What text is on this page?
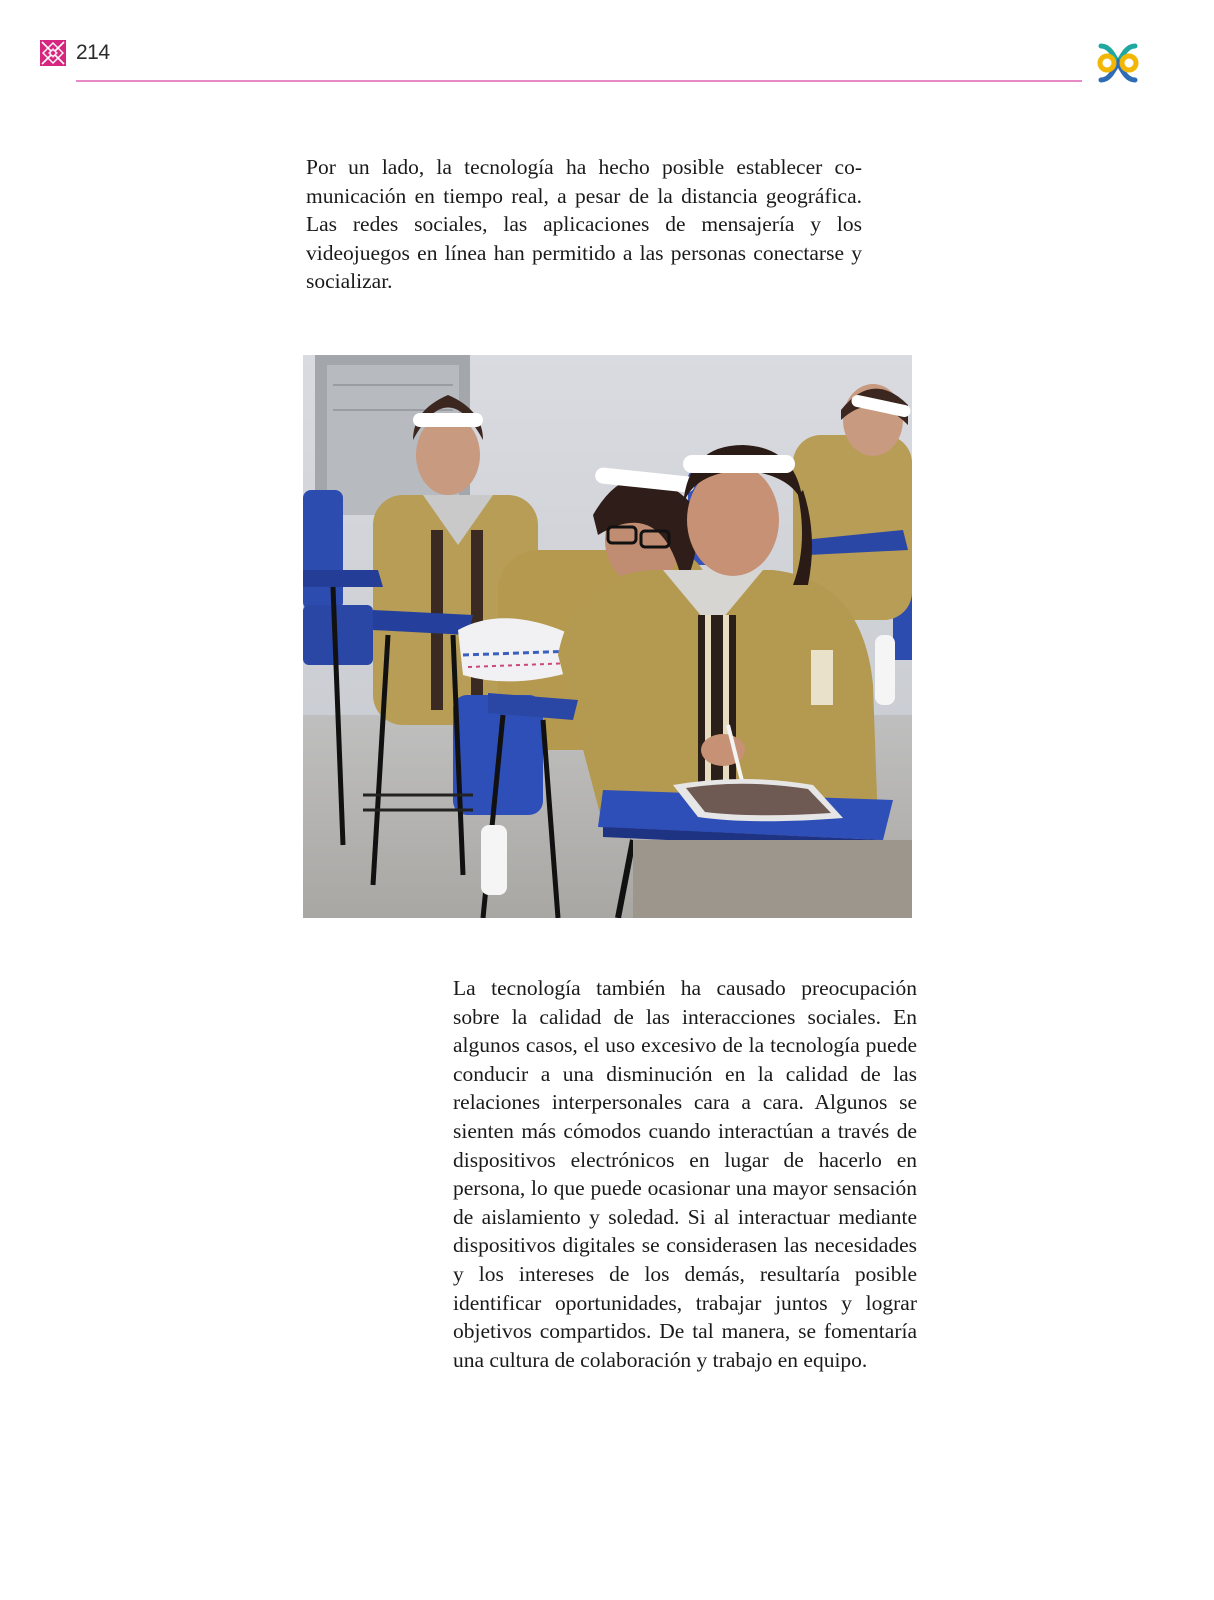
214

Por un lado, la tecnología ha hecho posible establecer comunicación en tiempo real, a pesar de la distancia geográfica. Las redes sociales, las aplicaciones de mensajería y los videojuegos en línea han permitido a las personas conectarse y socializar.

La tecnología también ha causado preocupación sobre la calidad de las interacciones sociales. En algunos casos, el uso excesivo de la tecnología puede conducir a una disminución en la calidad de las relaciones interpersonales cara a cara. Algunos se sienten más cómodos cuando interactúan a través de dispositivos electrónicos en lugar de hacerlo en persona, lo que puede ocasionar una mayor sensación de aislamiento y soledad. Si al interactuar mediante dispositivos digitales se considerasen las necesidades y los intereses de los demás, resultaría posible identificar oportunidades, trabajar juntos y lograr objetivos compartidos. De tal manera, se fomentaría una cultura de colaboración y trabajo en equipo.
